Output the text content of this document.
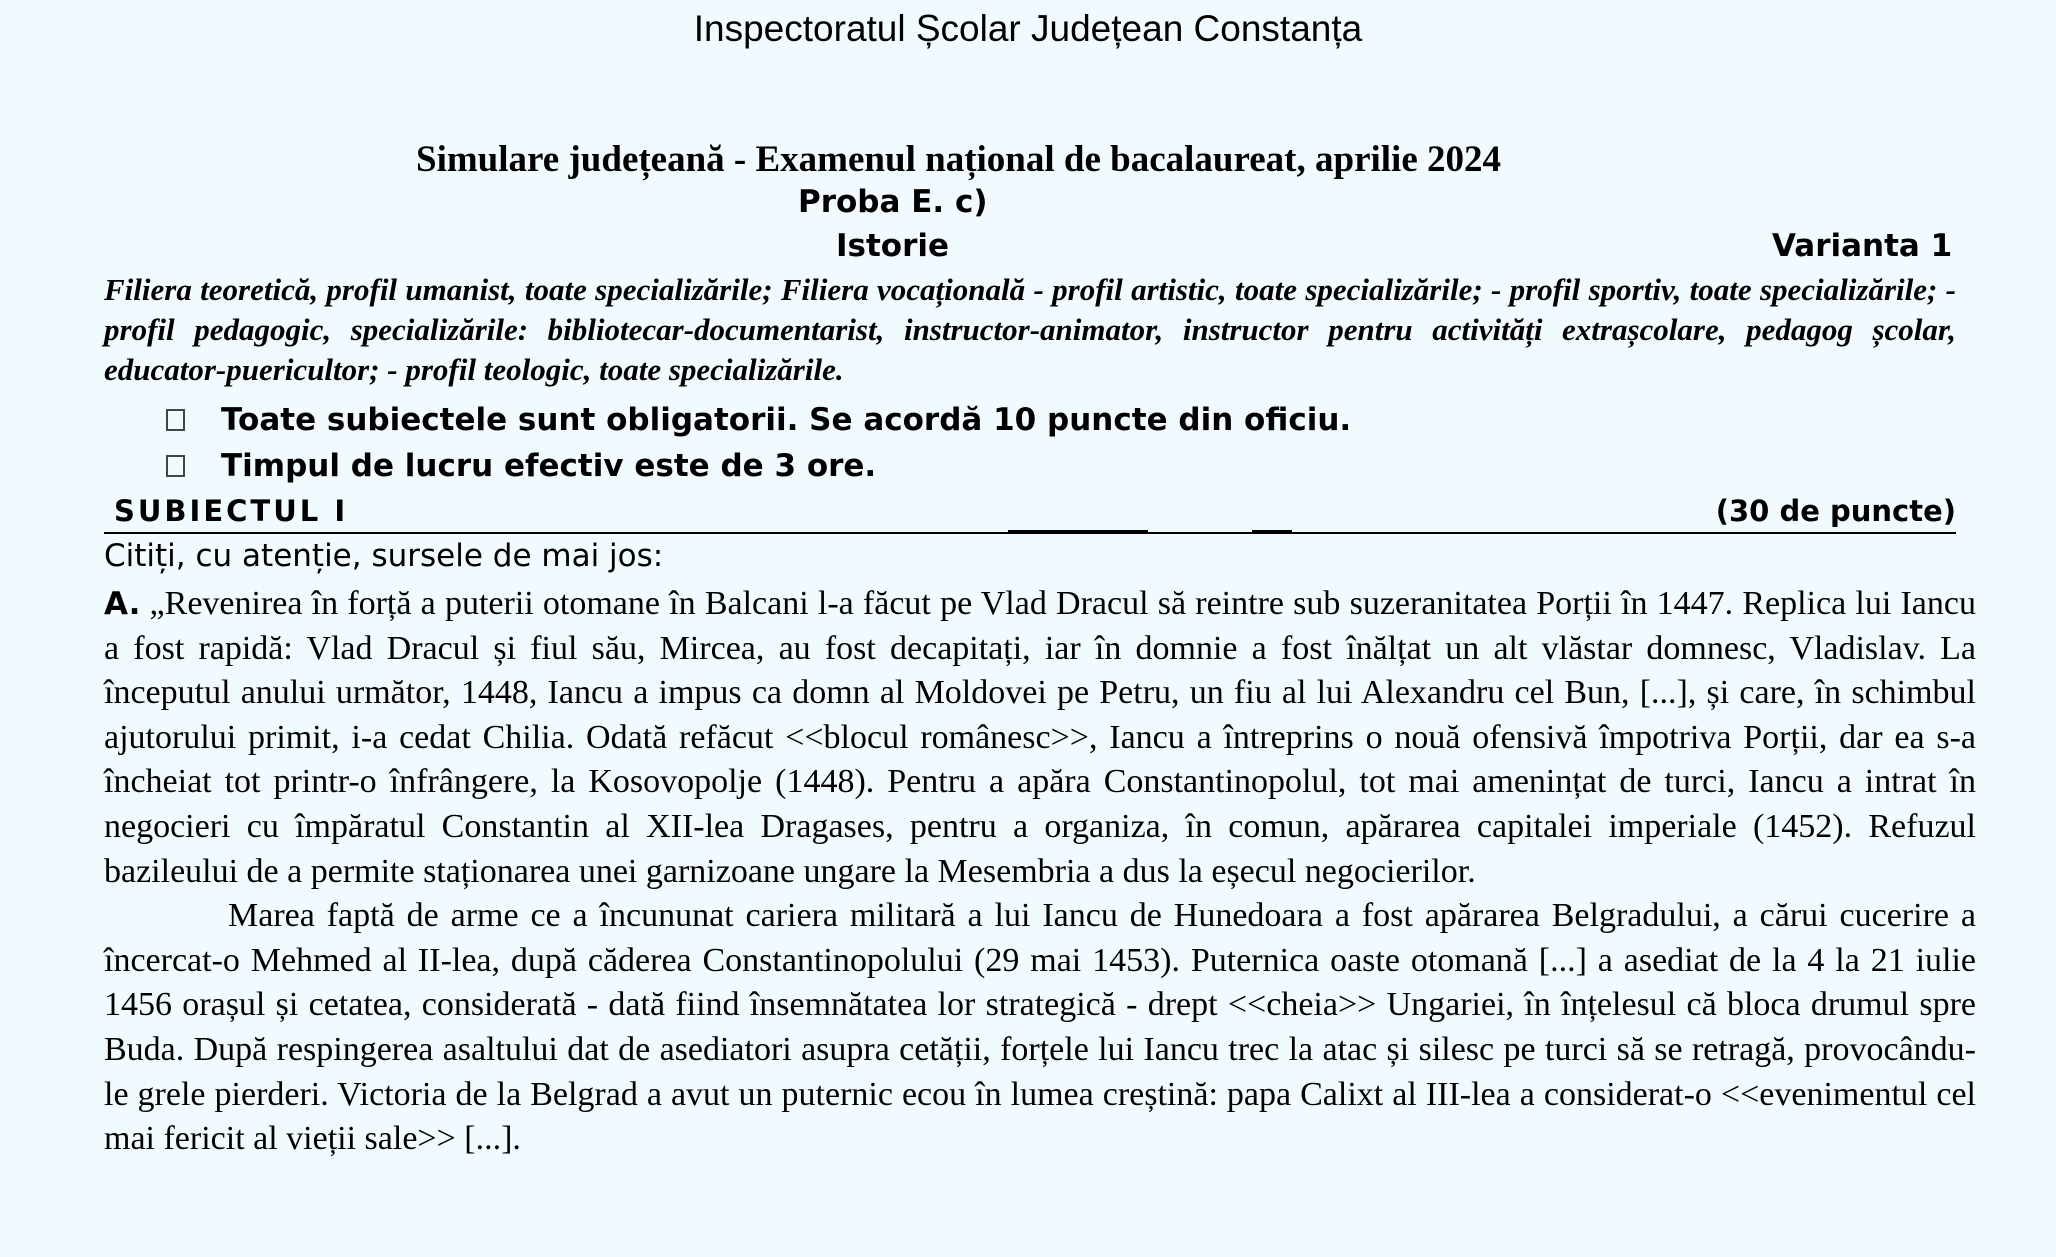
Inspectoratul Școlar Județean Constanța
Simulare județeană - Examenul național de bacalaureat, aprilie 2024
Proba E. c)
Istorie	Varianta 1
Filiera teoretică, profil umanist, toate specializările; Filiera vocațională - profil artistic, toate specializările; - profil sportiv, toate specializările; - profil pedagogic, specializările: bibliotecar-documentarist, instructor-animator, instructor pentru activități extrașcolare, pedagog școlar, educator-puericultor; - profil teologic, toate specializările.
Toate subiectele sunt obligatorii. Se acordă 10 puncte din oficiu.
Timpul de lucru efectiv este de 3 ore.
SUBIECTUL I	(30 de puncte)
Citiți, cu atenție, sursele de mai jos:

A. „Revenirea în forță a puterii otomane în Balcani l-a făcut pe Vlad Dracul să reintre sub suzeranitatea Porții în 1447. Replica lui Iancu a fost rapidă: Vlad Dracul și fiul său, Mircea, au fost decapitați, iar în domnie a fost înălțat un alt vlăstar domnesc, Vladislav. La începutul anului următor, 1448, Iancu a impus ca domn al Moldovei pe Petru, un fiu al lui Alexandru cel Bun, [...], și care, în schimbul ajutorului primit, i-a cedat Chilia. Odată refăcut <<blocul românesc>>, Iancu a întreprins o nouă ofensivă împotriva Porții, dar ea s-a încheiat tot printr-o înfrângere, la Kosovopolje (1448). Pentru a apăra Constantinopolul, tot mai amenințat de turci, Iancu a intrat în negocieri cu împăratul Constantin al XII-lea Dragases, pentru a organiza, în comun, apărarea capitalei imperiale (1452). Refuzul bazileului de a permite staționarea unei garnizoane ungare la Mesembria a dus la eșecul negocierilor.

Marea faptă de arme ce a încununat cariera militară a lui Iancu de Hunedoara a fost apărarea Belgradului, a cărui cucerire a încercat-o Mehmed al II-lea, după căderea Constantinopolului (29 mai 1453). Puternica oaste otomană [...] a asediat de la 4 la 21 iulie 1456 orașul și cetatea, considerată - dată fiind însemnătatea lor strategică - drept <<cheia>> Ungariei, în înțelesul că bloca drumul spre Buda. După respingerea asaltului dat de asediatori asupra cetății, forțele lui Iancu trec la atac și silesc pe turci să se retragă, provocându-le grele pierderi. Victoria de la Belgrad a avut un puternic ecou în lumea creștină: papa Calixt al III-lea a considerat-o <<evenimentul cel mai fericit al vieții sale>> [...].
